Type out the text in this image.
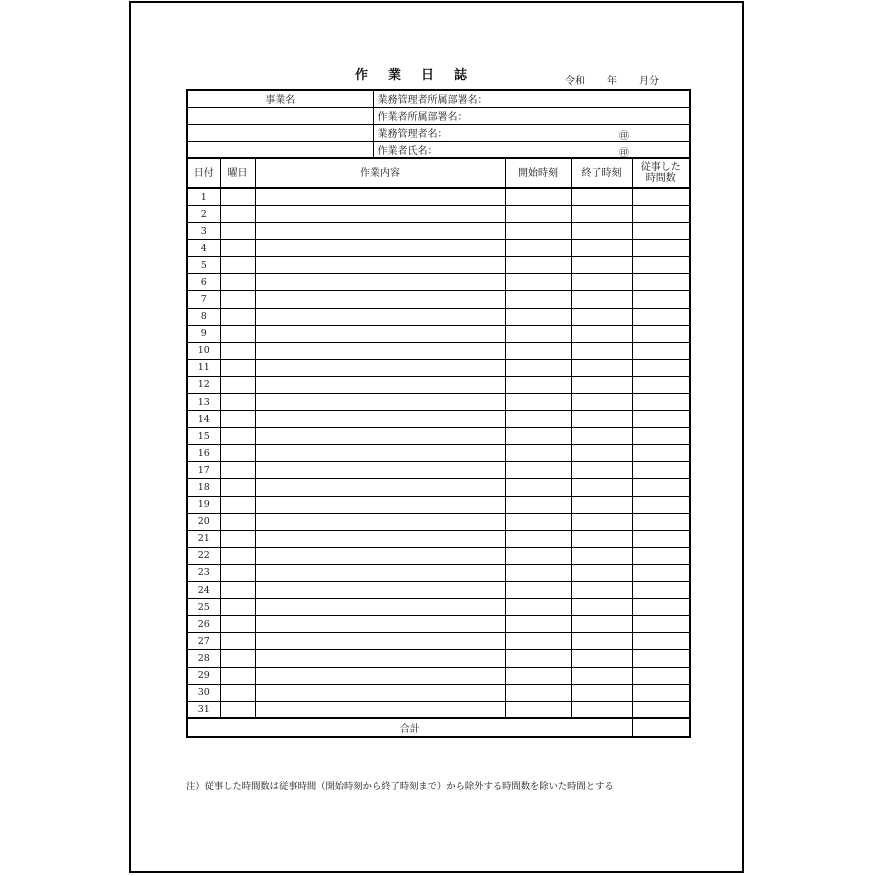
作 業 日 誌	令和 年 月分
事業名			業務管理者所属部署名：			
			作業者所属部署名：			
			業務管理者名： ㊞			

			作業者氏名： ㊞			

日付	曜日	作業内容		開始時刻	終了時刻	従事した
時間数
1						
2						
3						
4						
5						
6						
7						
8						
9						
10						
11						
12						
13						
14						
15						
16						
17						
18						
19						
20						
21						
22						
23						
24						
25						
26						
27						
28						
29						
30						
31						
合計						
注）従事した時間数は従事時間（開始時刻から終了時刻まで）から除外する時間数を除いた時間とする
